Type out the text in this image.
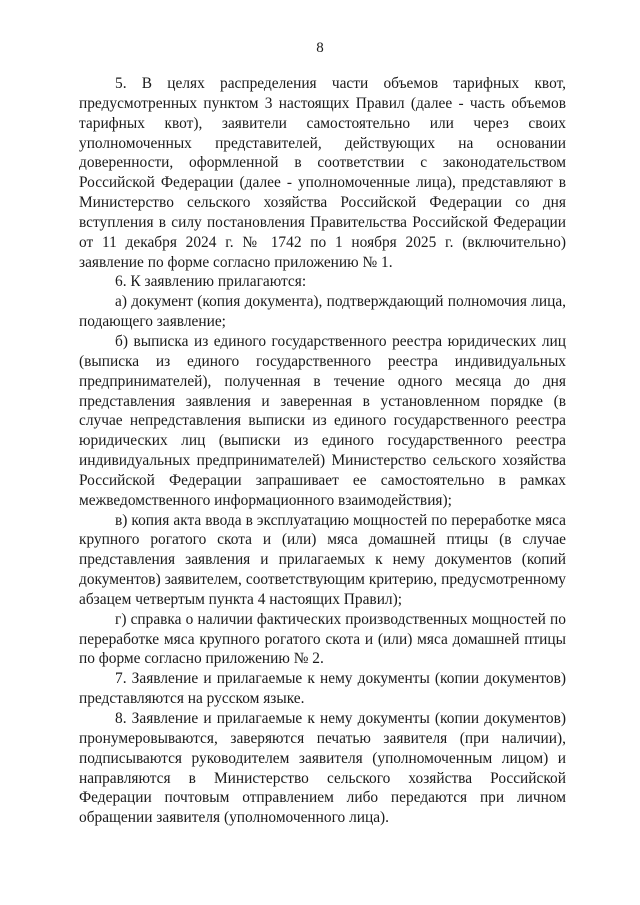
8

5. В целях распределения части объемов тарифных квот, предусмотренных пунктом 3 настоящих Правил (далее - часть объемов тарифных квот), заявители самостоятельно или через своих уполномоченных представителей, действующих на основании доверенности, оформленной в соответствии с законодательством Российской Федерации (далее - уполномоченные лица), представляют в Министерство сельского хозяйства Российской Федерации со дня вступления в силу постановления Правительства Российской Федерации от 11 декабря 2024 г. № 1742 по 1 ноября 2025 г. (включительно) заявление по форме согласно приложению № 1.

6. К заявлению прилагаются:

а) документ (копия документа), подтверждающий полномочия лица, подающего заявление;

б) выписка из единого государственного реестра юридических лиц (выписка из единого государственного реестра индивидуальных предпринимателей), полученная в течение одного месяца до дня представления заявления и заверенная в установленном порядке (в случае непредставления выписки из единого государственного реестра юридических лиц (выписки из единого государственного реестра индивидуальных предпринимателей) Министерство сельского хозяйства Российской Федерации запрашивает ее самостоятельно в рамках межведомственного информационного взаимодействия);

в) копия акта ввода в эксплуатацию мощностей по переработке мяса крупного рогатого скота и (или) мяса домашней птицы (в случае представления заявления и прилагаемых к нему документов (копий документов) заявителем, соответствующим критерию, предусмотренному абзацем четвертым пункта 4 настоящих Правил);

г) справка о наличии фактических производственных мощностей по переработке мяса крупного рогатого скота и (или) мяса домашней птицы по форме согласно приложению № 2.

7. Заявление и прилагаемые к нему документы (копии документов) представляются на русском языке.

8. Заявление и прилагаемые к нему документы (копии документов) пронумеровываются, заверяются печатью заявителя (при наличии), подписываются руководителем заявителя (уполномоченным лицом) и направляются в Министерство сельского хозяйства Российской Федерации почтовым отправлением либо передаются при личном обращении заявителя (уполномоченного лица).
